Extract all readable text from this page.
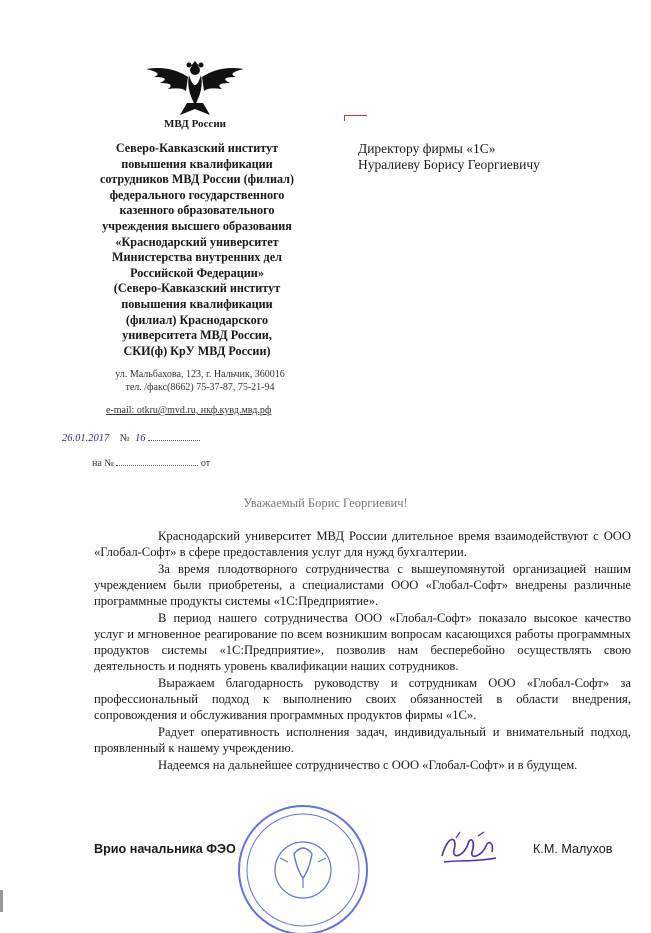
МВД России
Северо-Кавказский институт
повышения квалификации
сотрудников МВД России (филиал)
федерального государственного
казенного образовательного
учреждения высшего образования
«Краснодарский университет
Министерства внутренних дел
Российской Федерации»
(Северо-Кавказский институт
повышения квалификации
(филиал) Краснодарского
университета МВД России,
СКИ(ф) КрУ МВД России)
ул. Мальбахова, 123, г. Нальчик, 360016
тел. /факс(8662) 75-37-87, 75-21-94
e-mail: otkru@mvd.ru, нкф.кувд.мвд.рф
Директору фирмы «1С»
Нуралиеву Борису Георгиевичу
26.01.2017 № 16
на №	от
Уважаемый Борис Георгиевич!

Краснодарский университет МВД России длительное время взаимодействуют с ООО «Глобал-Софт» в сфере предоставления услуг для нужд бухгалтерии.

За время плодотворного сотрудничества с вышеупомянутой организацией нашим учреждением были приобретены, а специалистами ООО «Глобал-Софт» внедрены различные программные продукты системы «1С:Предприятие».

В период нашего сотрудничества ООО «Глобал-Софт» показало высокое качество услуг и мгновенное реагирование по всем возникшим вопросам касающихся работы программных продуктов системы «1С:Предприятие», позволив нам бесперебойно осуществлять свою деятельность и поднять уровень квалификации наших сотрудников.

Выражаем благодарность руководству и сотрудникам ООО «Глобал-Софт» за профессиональный подход к выполнению своих обязанностей в области внедрения, сопровождения и обслуживания программных продуктов фирмы «1С».

Радует оперативность исполнения задач, индивидуальный и внимательный подход, проявленный к нашему учреждению.

Надеемся на дальнейшее сотрудничество с ООО «Глобал-Софт» и в будущем.

Врио начальника ФЭО	К.М. Малухов
